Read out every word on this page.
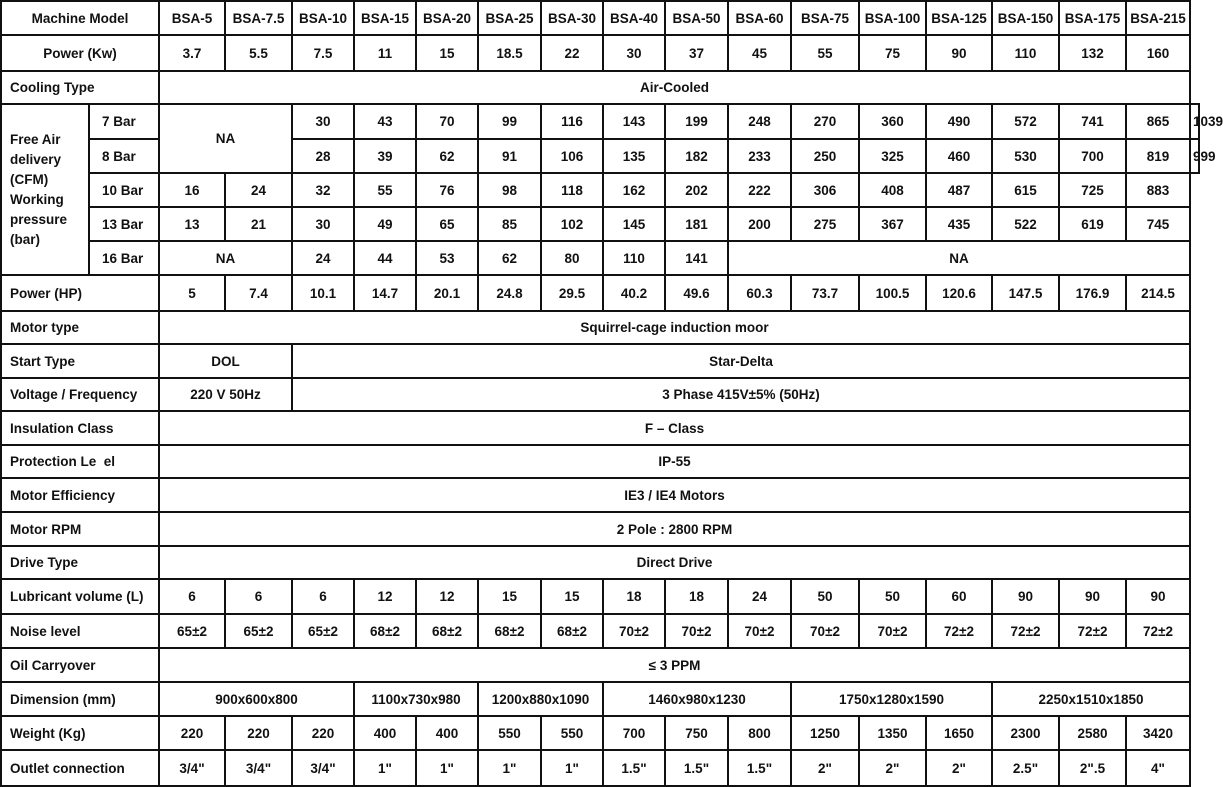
Machine Model		BSA-5	BSA-7.5	BSA-10	BSA-15	BSA-20	BSA-25	BSA-30	BSA-40	BSA-50	BSA-60	BSA-75	BSA-100	BSA-125	BSA-150	BSA-175	BSA-215	
Power (Kw)		3.7	5.5	7.5	11	15	18.5	22	30	37	45	55	75	90	110	132	160	
Cooling Type		Air-Cooled																
Free Air delivery (CFM) Working pressure (bar)	7 Bar	NA		30	43	70	99	116	143	199	248	270	360	490	572	741	865	1039
	8 Bar			28	39	62	91	106	135	182	233	250	325	460	530	700	819	999
	10 Bar	16	24	32	55	76	98	118	162	202	222	306	408	487	615	725	883	
	13 Bar	13	21	30	49	65	85	102	145	181	200	275	367	435	522	619	745	
	16 Bar	NA		24	44	53	62	80	110	141	NA							
Power (HP)		5	7.4	10.1	14.7	20.1	24.8	29.5	40.2	49.6	60.3	73.7	100.5	120.6	147.5	176.9	214.5	
Motor type		Squirrel-cage induction moor																
Start Type		DOL		Star-Delta														
Voltage / Frequency		220 V 50Hz		3 Phase 415V±5% (50Hz)														
Insulation Class		F – Class																
Protection Le  el		IP-55																
Motor Efficiency		IE3 / IE4 Motors																
Motor RPM		2 Pole : 2800 RPM																
Drive Type		Direct Drive																
Lubricant volume (L)		6	6	6	12	12	15	15	18	18	24	50	50	60	90	90	90	
Noise level		65±2	65±2	65±2	68±2	68±2	68±2	68±2	70±2	70±2	70±2	70±2	70±2	72±2	72±2	72±2	72±2	
Oil Carryover		≤ 3 PPM																
Dimension (mm)		900x600x800			1100x730x980		1200x880x1090		1460x980x1230			1750x1280x1590			2250x1510x1850			
Weight (Kg)		220	220	220	400	400	550	550	700	750	800	1250	1350	1650	2300	2580	3420	
Outlet connection		3/4"	3/4"	3/4"	1"	1"	1"	1"	1.5"	1.5"	1.5"	2"	2"	2"	2.5"	2".5	4"	
